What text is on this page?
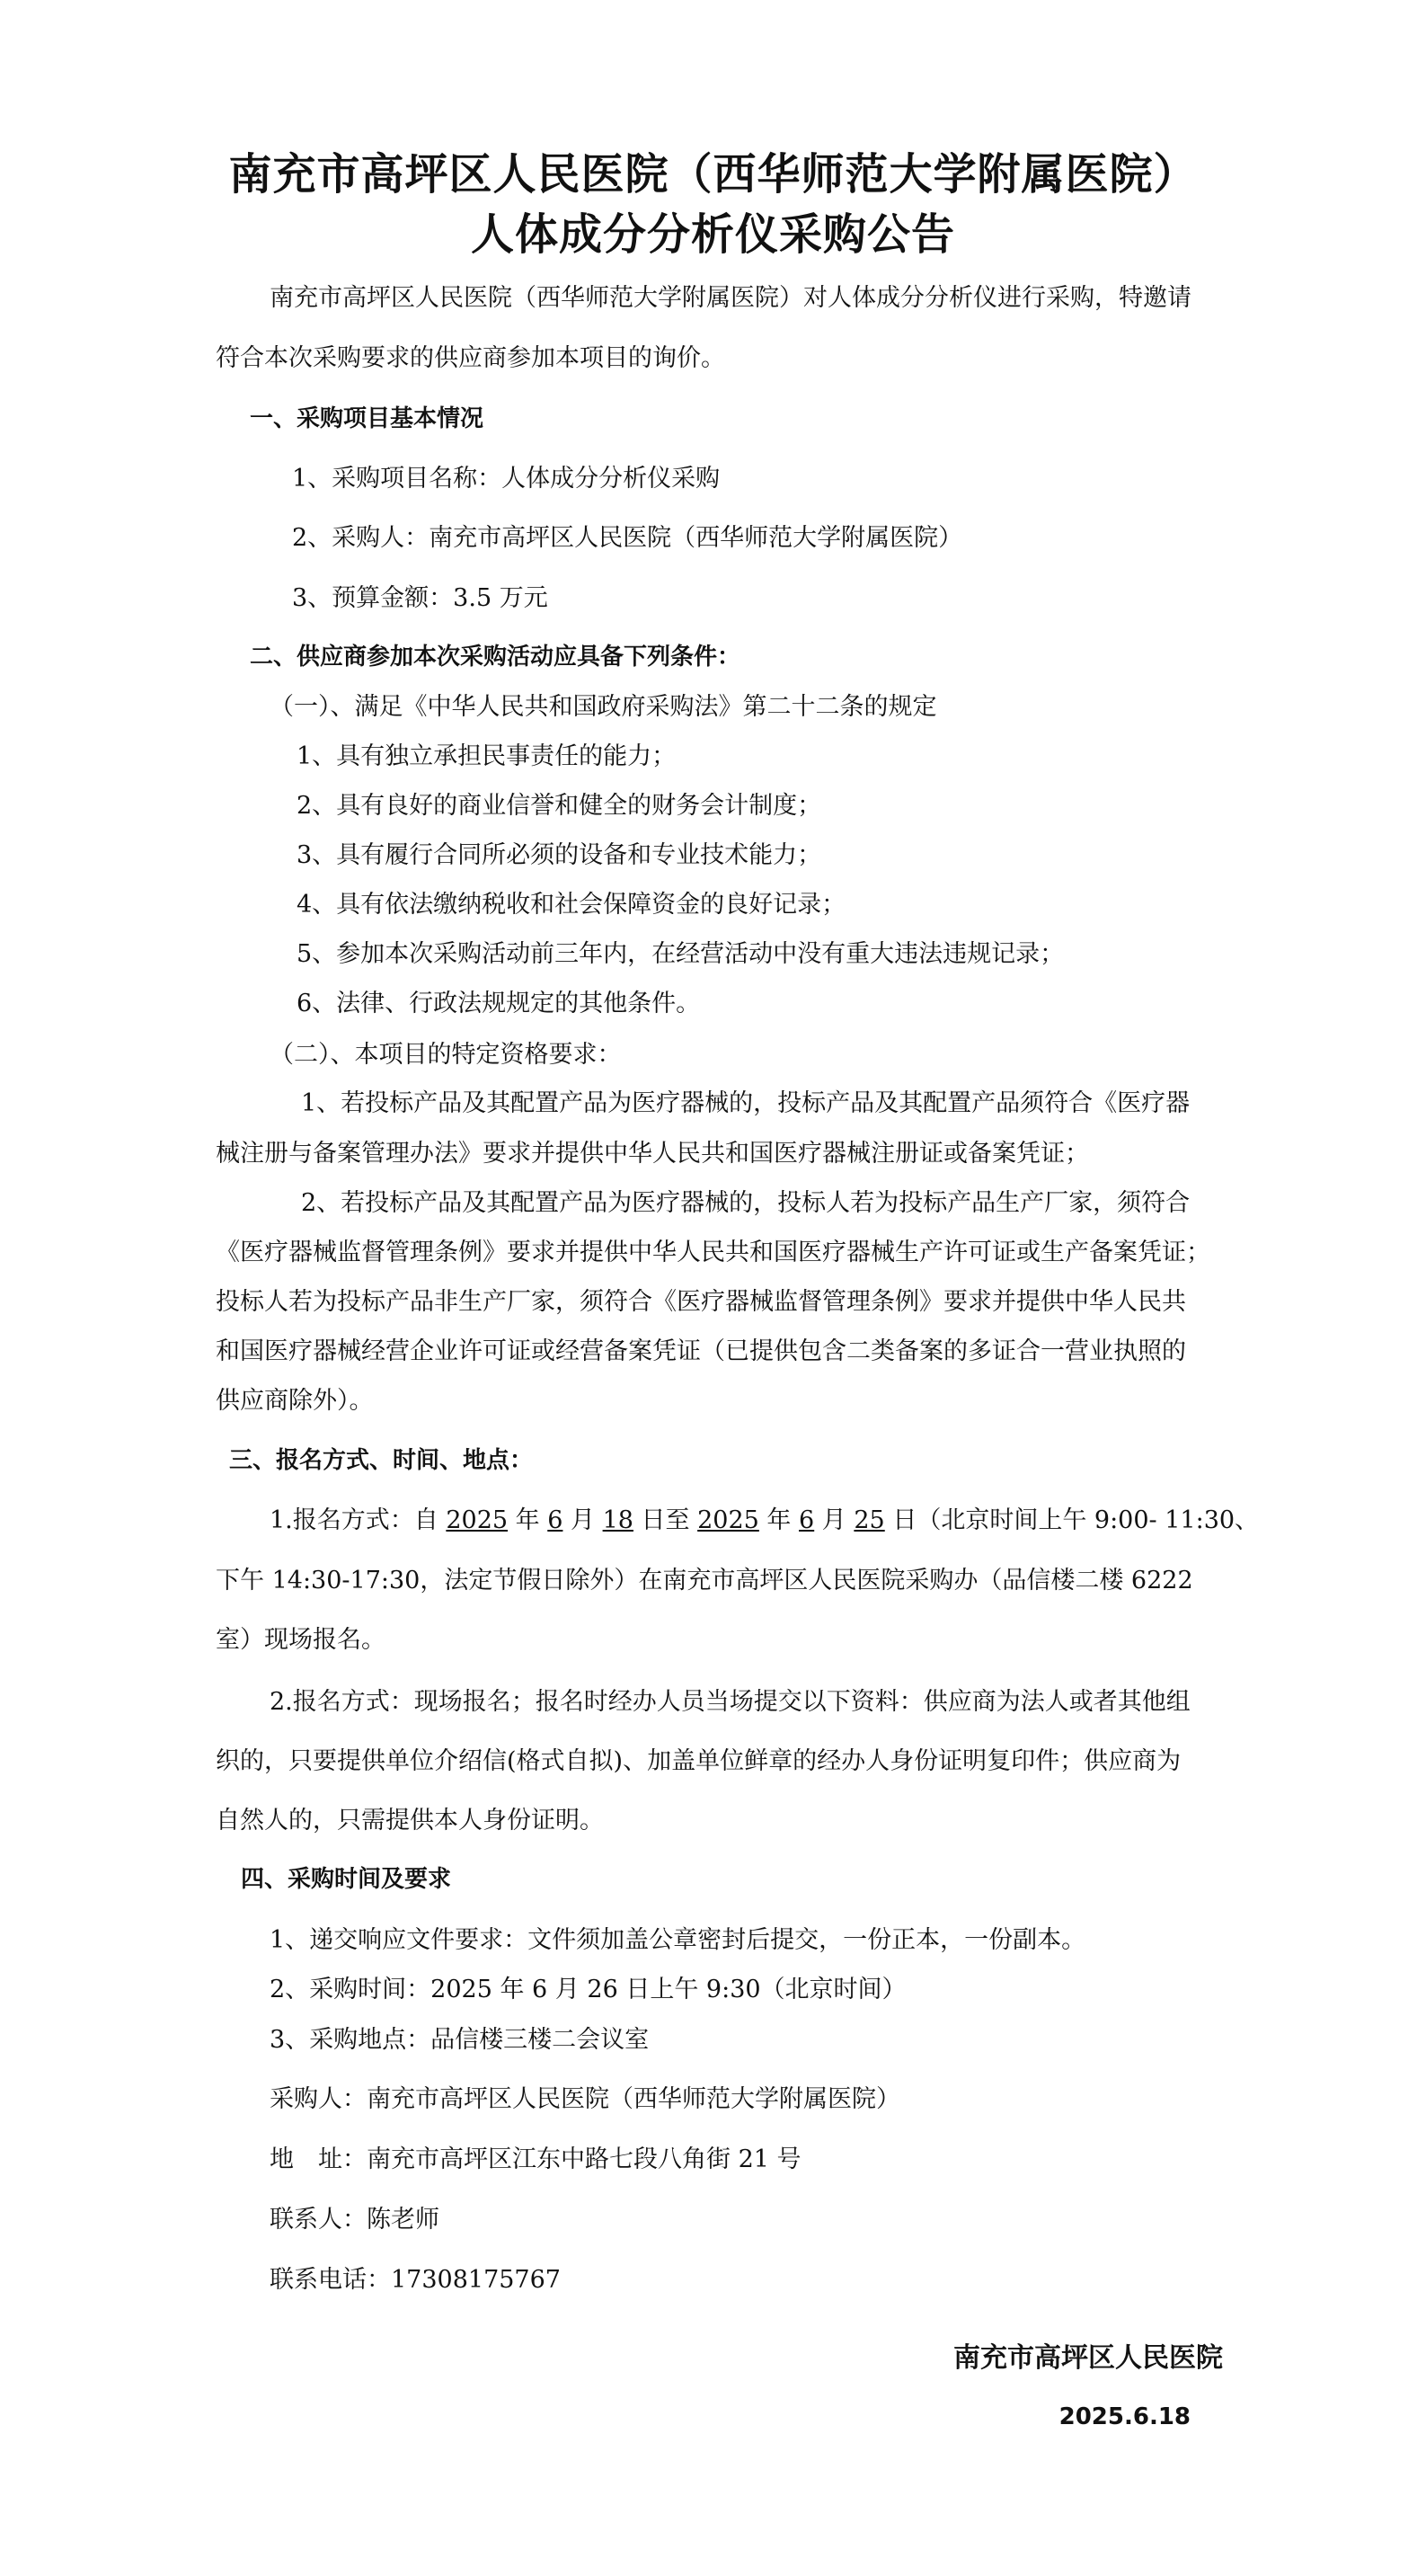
南充市高坪区人民医院（西华师范大学附属医院）
人体成分分析仪采购公告
南充市高坪区人民医院（西华师范大学附属医院）对人体成分分析仪进行采购，特邀请
符合本次采购要求的供应商参加本项目的询价。
一、采购项目基本情况
1、采购项目名称：人体成分分析仪采购
2、采购人：南充市高坪区人民医院（西华师范大学附属医院）
3、预算金额：3.5 万元
二、供应商参加本次采购活动应具备下列条件：
（一）、满足《中华人民共和国政府采购法》第二十二条的规定
1、具有独立承担民事责任的能力；
2、具有良好的商业信誉和健全的财务会计制度；
3、具有履行合同所必须的设备和专业技术能力；
4、具有依法缴纳税收和社会保障资金的良好记录；
5、参加本次采购活动前三年内，在经营活动中没有重大违法违规记录；
6、法律、行政法规规定的其他条件。
（二）、本项目的特定资格要求：
1、若投标产品及其配置产品为医疗器械的，投标产品及其配置产品须符合《医疗器
械注册与备案管理办法》要求并提供中华人民共和国医疗器械注册证或备案凭证；
2、若投标产品及其配置产品为医疗器械的，投标人若为投标产品生产厂家，须符合
《医疗器械监督管理条例》要求并提供中华人民共和国医疗器械生产许可证或生产备案凭证；
投标人若为投标产品非生产厂家，须符合《医疗器械监督管理条例》要求并提供中华人民共
和国医疗器械经营企业许可证或经营备案凭证（已提供包含二类备案的多证合一营业执照的
供应商除外）。
三、报名方式、时间、地点：
1.报名方式：自 2025 年 6 月 18 日至 2025 年 6 月 25 日（北京时间上午 9:00- 11:30、
下午 14:30-17:30，法定节假日除外）在南充市高坪区人民医院采购办（品信楼二楼 6222
室）现场报名。
2.报名方式：现场报名；报名时经办人员当场提交以下资料：供应商为法人或者其他组
织的，只要提供单位介绍信(格式自拟)、加盖单位鲜章的经办人身份证明复印件；供应商为
自然人的，只需提供本人身份证明。
四、采购时间及要求
1、递交响应文件要求：文件须加盖公章密封后提交，一份正本，一份副本。
2、采购时间：2025 年 6 月 26 日上午 9:30（北京时间）
3、采购地点：品信楼三楼二会议室
采购人：南充市高坪区人民医院（西华师范大学附属医院）
地　址：南充市高坪区江东中路七段八角街 21 号
联系人：陈老师
联系电话：17308175767
南充市高坪区人民医院
2025.6.18
